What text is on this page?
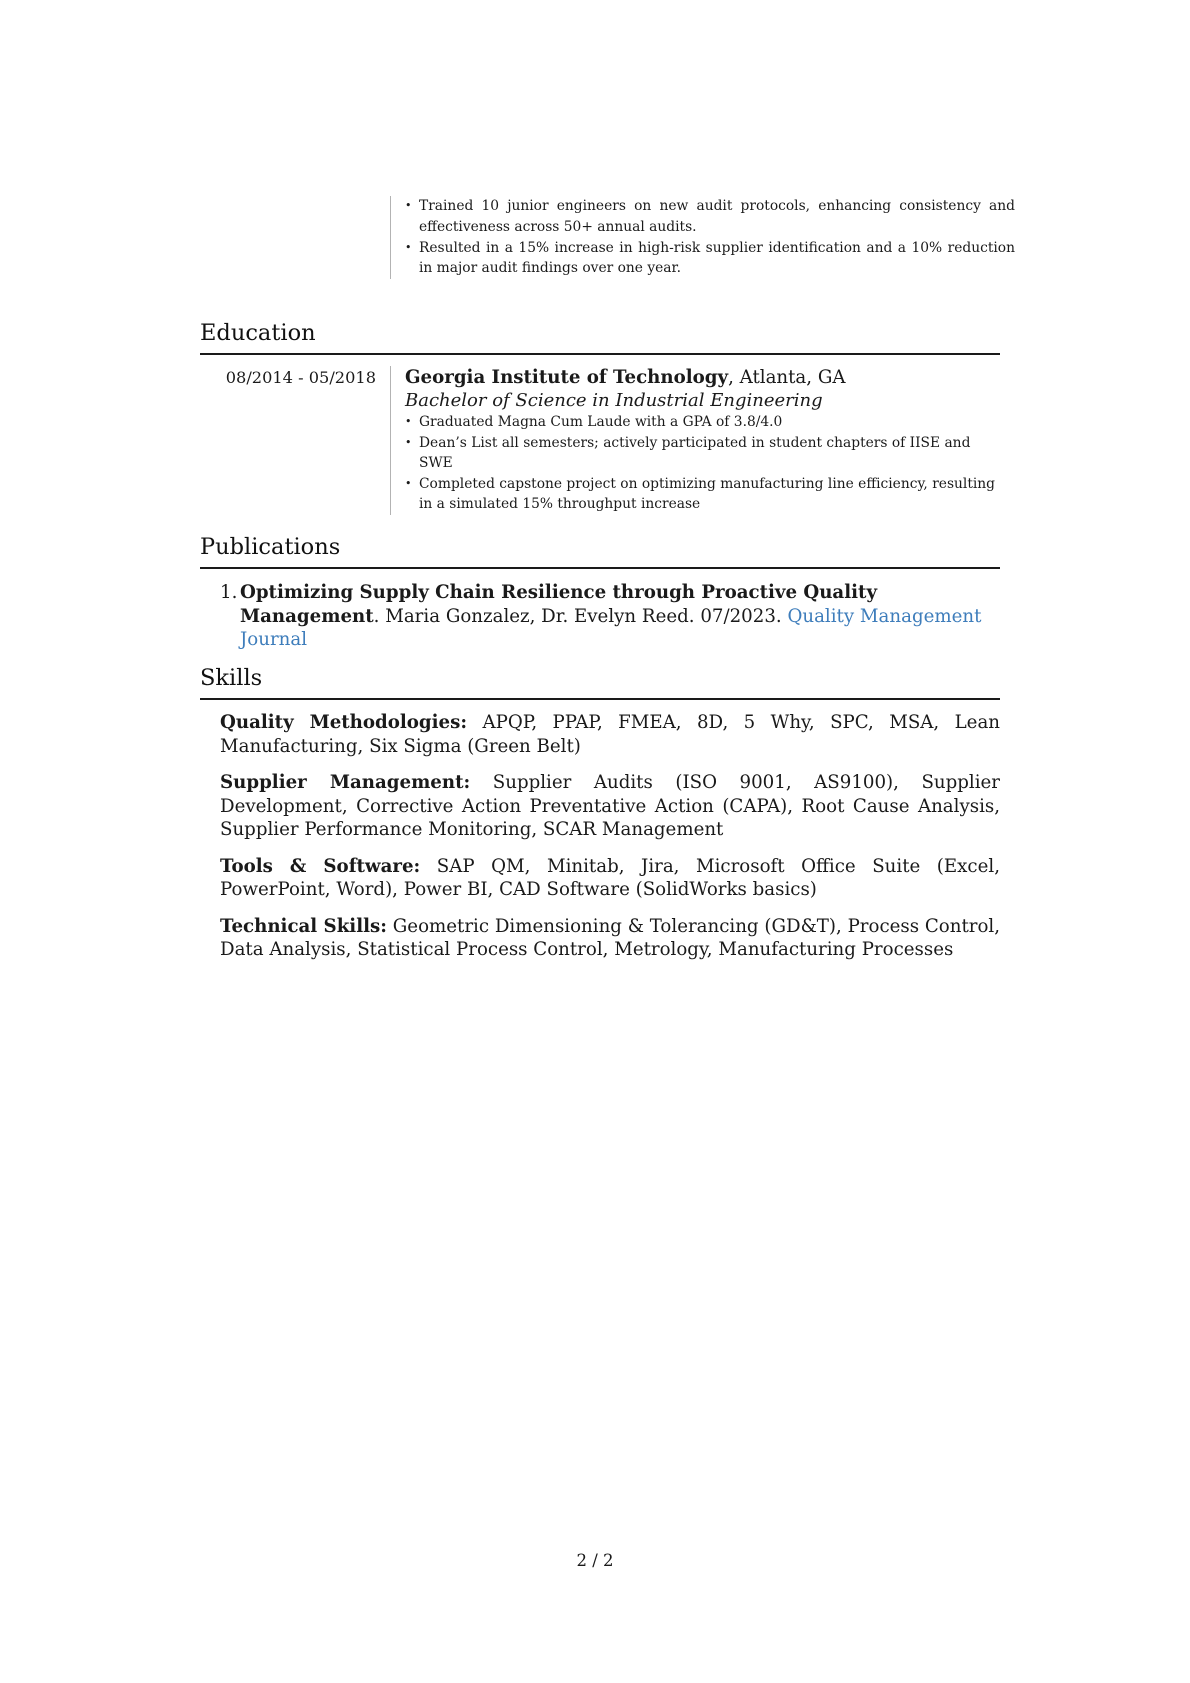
• Trained 10 junior engineers on new audit protocols, enhancing consistency and effectiveness across 50+ annual audits.
• Resulted in a 15% increase in high-risk supplier identification and a 10% reduction in major audit findings over one year.
Education
08/2014 - 05/2018	Georgia Institute of Technology, Atlanta, GA
Bachelor of Science in Industrial Engineering
• Graduated Magna Cum Laude with a GPA of 3.8/4.0
• Dean’s List all semesters; actively participated in student chapters of IISE and SWE
• Completed capstone project on optimizing manufacturing line efficiency, resulting in a simulated 15% throughput increase
Publications
1. Optimizing Supply Chain Resilience through Proactive Quality Management. Maria Gonzalez, Dr. Evelyn Reed. 07/2023. Quality Management Journal
Skills
Quality Methodologies: APQP, PPAP, FMEA, 8D, 5 Why, SPC, MSA, Lean Manufacturing, Six Sigma (Green Belt)
Supplier Management: Supplier Audits (ISO 9001, AS9100), Supplier Development, Corrective Action Preventative Action (CAPA), Root Cause Analysis, Supplier Performance Monitoring, SCAR Management
Tools & Software: SAP QM, Minitab, Jira, Microsoft Office Suite (Excel, PowerPoint, Word), Power BI, CAD Software (SolidWorks basics)
Technical Skills: Geometric Dimensioning & Tolerancing (GD&T), Process Control, Data Analysis, Statistical Process Control, Metrology, Manufacturing Processes
2 / 2
